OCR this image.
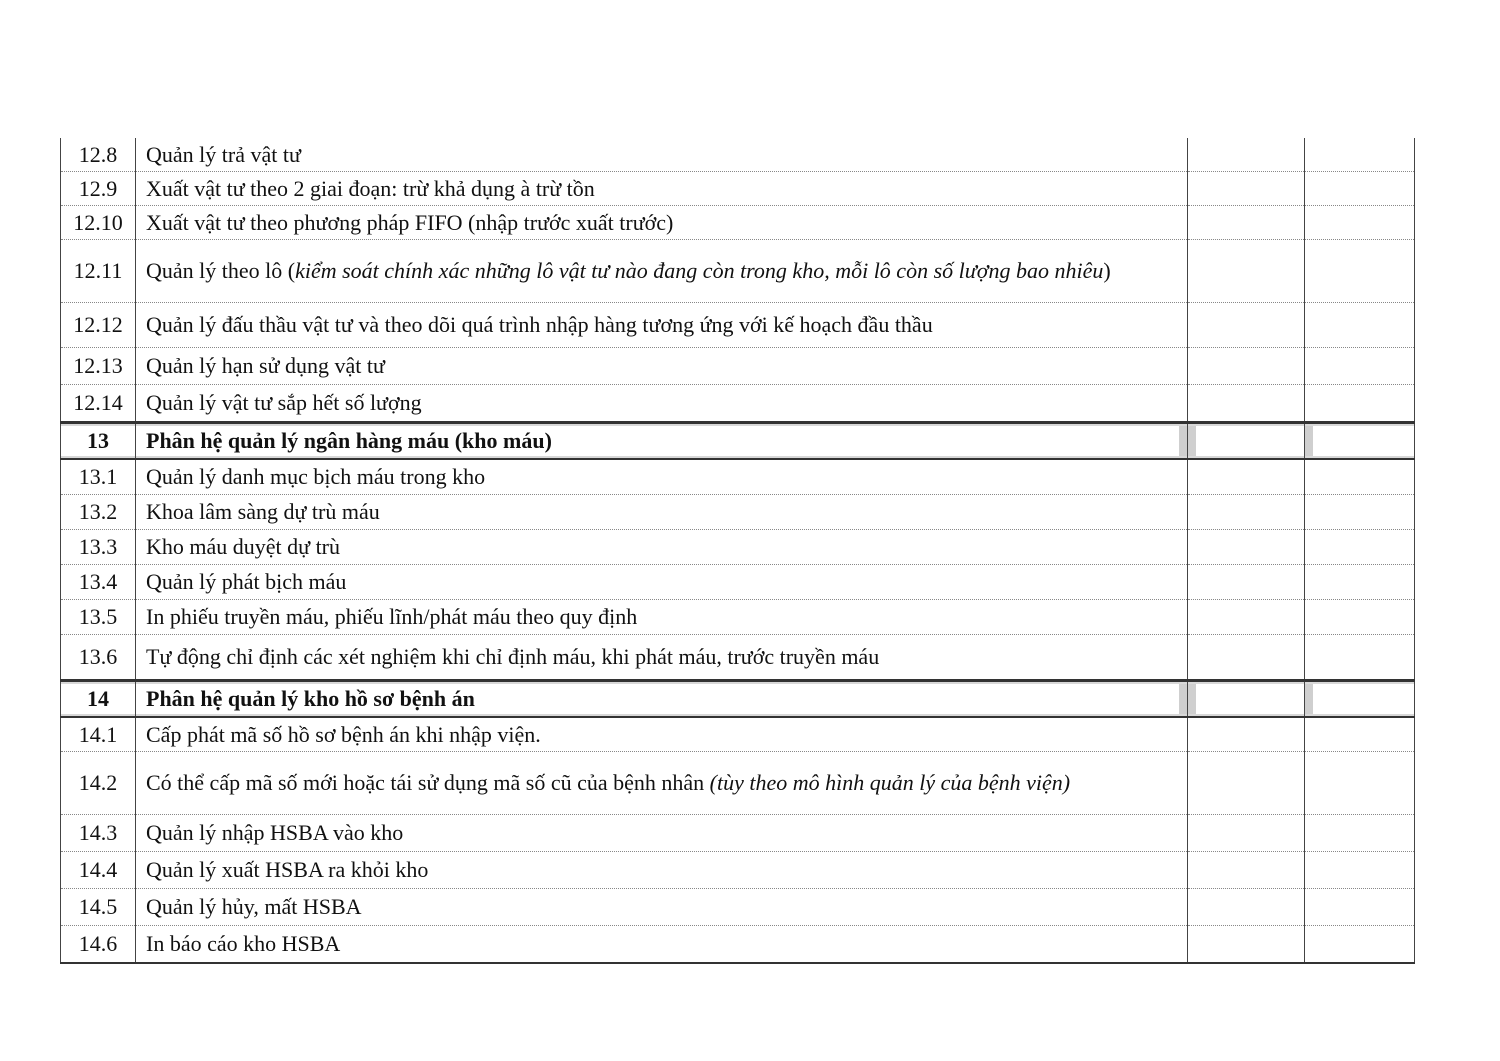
12.8	Quản lý trả vật tư		
12.9	Xuất vật tư theo 2 giai đoạn: trừ khả dụng à trừ tồn		
12.10	Xuất vật tư theo phương pháp FIFO (nhập trước xuất trước)		
12.11	Quản lý theo lô (kiểm soát chính xác những lô vật tư nào đang còn trong kho, mỗi lô còn số lượng bao nhiêu)		
12.12	Quản lý đấu thầu vật tư và theo dõi quá trình nhập hàng tương ứng với kế hoạch đầu thầu		
12.13	Quản lý hạn sử dụng vật tư		
12.14	Quản lý vật tư sắp hết số lượng		
13	Phân hệ quản lý ngân hàng máu (kho máu)		
13.1	Quản lý danh mục bịch máu trong kho		
13.2	Khoa lâm sàng dự trù máu		
13.3	Kho máu duyệt dự trù		
13.4	Quản lý phát bịch máu		
13.5	In phiếu truyền máu, phiếu lĩnh/phát máu theo quy định		
13.6	Tự động chỉ định các xét nghiệm khi chỉ định máu, khi phát máu, trước truyền máu		
14	Phân hệ quản lý kho hồ sơ bệnh án		
14.1	Cấp phát mã số hồ sơ bệnh án khi nhập viện.		
14.2	Có thể cấp mã số mới hoặc tái sử dụng mã số cũ của bệnh nhân (tùy theo mô hình quản lý của bệnh viện)		
14.3	Quản lý nhập HSBA vào kho		
14.4	Quản lý xuất HSBA ra khỏi kho		
14.5	Quản lý hủy, mất HSBA		
14.6	In báo cáo kho HSBA		
